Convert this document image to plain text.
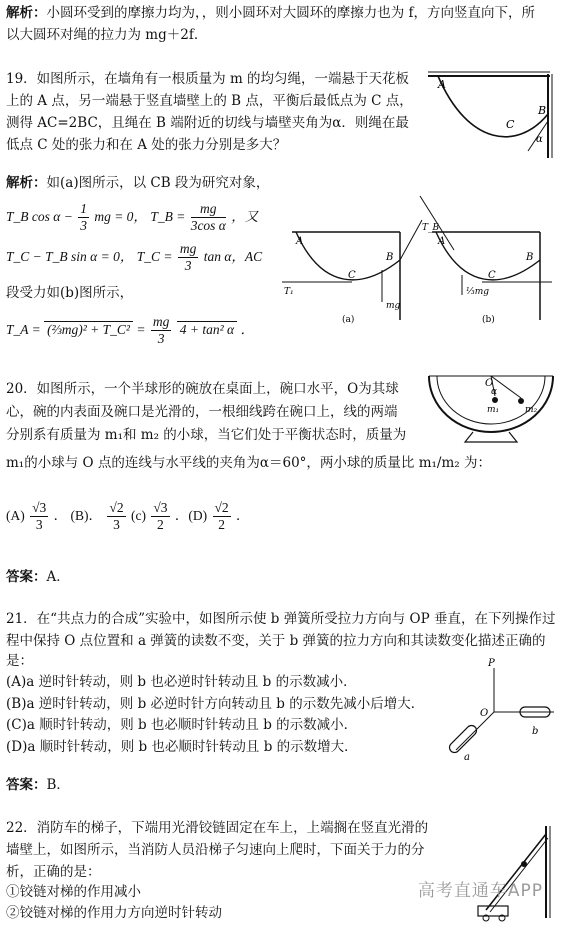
解析：小圆环受到的摩擦力均为，，则小圆环对大圆环的摩擦力也为 f，方向竖直向下，所
以大圆环对绳的拉力为 mg＋2f．
19．如图所示，在墙角有一根质量为 m 的均匀绳，一端悬于天花板
上的 A 点，另一端悬于竖直墙壁上的 B 点，平衡后最低点为 C 点，
测得 AC=2BC，且绳在 B 端附近的切线与墙壁夹角为α．则绳在最
低点 C 处的张力和在 A 处的张力分别是多大？
A
B
C
α
解析：如(a)图所示，以 CB 段为研究对象，
T_B $\cos \alpha - \frac{1}{3}$ mg = 0， T_B = $\frac{mg}{\text{3cos α}}$ ，又
T_C − T_B sin α = 0， T_C = $\frac{mg}{3}$ tan α，AC
段受力如(b)图所示，
T_A = (⅔mg)² + T_C² = $\frac{mg}{3} 4 + \tan^2$ α ．
A
B
C
T₁
mg
T_B
(a)
A
B
C
⅓mg
(b)
20．如图所示，一个半球形的碗放在桌面上，碗口水平，O为其球
心，碗的内表面及碗口是光滑的，一根细线跨在碗口上，线的两端
分别系有质量为 m₁和 m₂ 的小球，当它们处于平衡状态时，质量为
m₁的小球与 O 点的连线与水平线的夹角为α＝60°，两小球的质量比 m₁/m₂ 为：
O
α
m₁	m₂
$(A) \frac{√3}{3}$ ． (B)． $\frac{√2}{3} (c) \frac{√3}{2}$ ．$(D) \frac{√2}{2}$ ．
答案：A．
21．在“共点力的合成”实验中，如图所示使 b 弹簧所受拉力方向与 OP 垂直，在下列操作过
程中保持 O 点位置和 a 弹簧的读数不变，关于 b 弹簧的拉力方向和其读数变化描述正确的
是：
(A)a 逆时针转动，则 b 也必逆时针转动且 b 的示数减小．
(B)a 逆时针转动，则 b 必逆时针方向转动且 b 的示数先减小后增大．
(C)a 顺时针转动，则 b 也必顺时针转动且 b 的示数减小．
(D)a 顺时针转动，则 b 也必顺时针转动且 b 的示数增大．
P
O
a
b
答案：B．
22．消防车的梯子，下端用光滑铰链固定在车上，上端搁在竖直光滑的
墙壁上，如图所示，当消防人员沿梯子匀速向上爬时，下面关于力的分
析，正确的是：
①铰链对梯的作用减小
②铰链对梯的作用力方向逆时针转动
高考直通车APP
